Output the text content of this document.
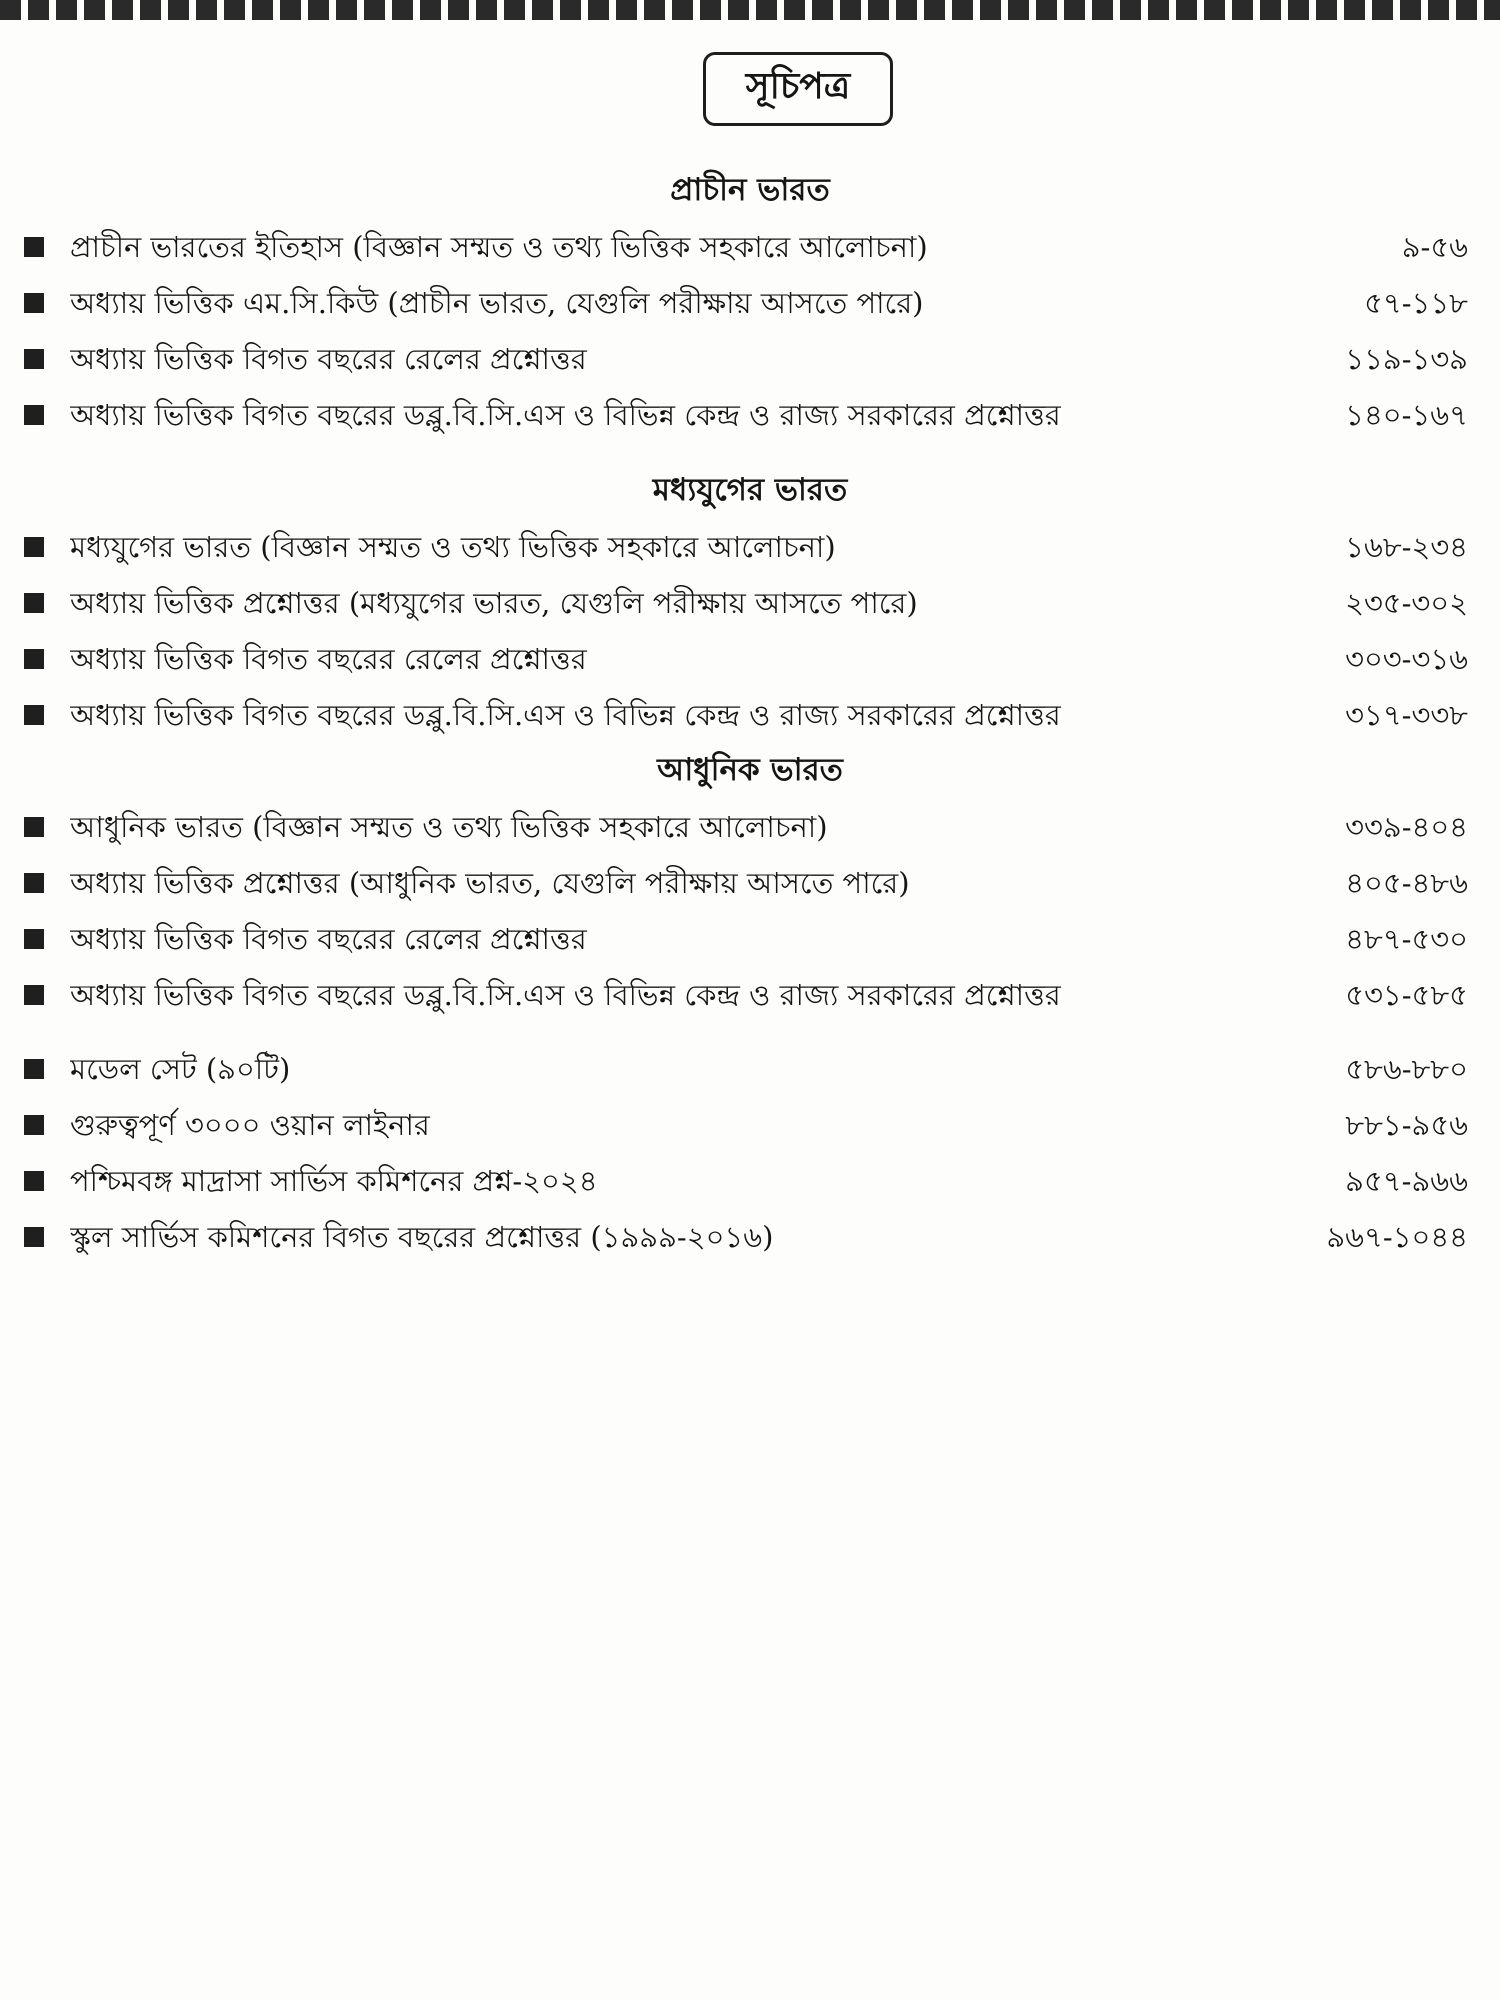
সূচিপত্র
প্রাচীন ভারত
প্রাচীন ভারতের ইতিহাস (বিজ্ঞান সম্মত ও তথ্য ভিত্তিক সহকারে আলোচনা)	৯-৫৬
অধ্যায় ভিত্তিক এম.সি.কিউ (প্রাচীন ভারত, যেগুলি পরীক্ষায় আসতে পারে)	৫৭-১১৮
অধ্যায় ভিত্তিক বিগত বছরের রেলের প্রশ্নোত্তর	১১৯-১৩৯
অধ্যায় ভিত্তিক বিগত বছরের ডব্লু.বি.সি.এস ও বিভিন্ন কেন্দ্র ও রাজ্য সরকারের প্রশ্নোত্তর	১৪০-১৬৭
মধ্যযুগের ভারত
মধ্যযুগের ভারত (বিজ্ঞান সম্মত ও তথ্য ভিত্তিক সহকারে আলোচনা)	১৬৮-২৩৪
অধ্যায় ভিত্তিক প্রশ্নোত্তর (মধ্যযুগের ভারত, যেগুলি পরীক্ষায় আসতে পারে)	২৩৫-৩০২
অধ্যায় ভিত্তিক বিগত বছরের রেলের প্রশ্নোত্তর	৩০৩-৩১৬
অধ্যায় ভিত্তিক বিগত বছরের ডব্লু.বি.সি.এস ও বিভিন্ন কেন্দ্র ও রাজ্য সরকারের প্রশ্নোত্তর	৩১৭-৩৩৮
আধুনিক ভারত
আধুনিক ভারত (বিজ্ঞান সম্মত ও তথ্য ভিত্তিক সহকারে আলোচনা)	৩৩৯-৪০৪
অধ্যায় ভিত্তিক প্রশ্নোত্তর (আধুনিক ভারত, যেগুলি পরীক্ষায় আসতে পারে)	৪০৫-৪৮৬
অধ্যায় ভিত্তিক বিগত বছরের রেলের প্রশ্নোত্তর	৪৮৭-৫৩০
অধ্যায় ভিত্তিক বিগত বছরের ডব্লু.বি.সি.এস ও বিভিন্ন কেন্দ্র ও রাজ্য সরকারের প্রশ্নোত্তর	৫৩১-৫৮৫
মডেল সেট (৯০টি)	৫৮৬-৮৮০
গুরুত্বপূর্ণ ৩০০০ ওয়ান লাইনার	৮৮১-৯৫৬
পশ্চিমবঙ্গ মাদ্রাসা সার্ভিস কমিশনের প্রশ্ন-২০২৪	৯৫৭-৯৬৬
স্কুল সার্ভিস কমিশনের বিগত বছরের প্রশ্নোত্তর (১৯৯৯-২০১৬)	৯৬৭-১০৪৪
